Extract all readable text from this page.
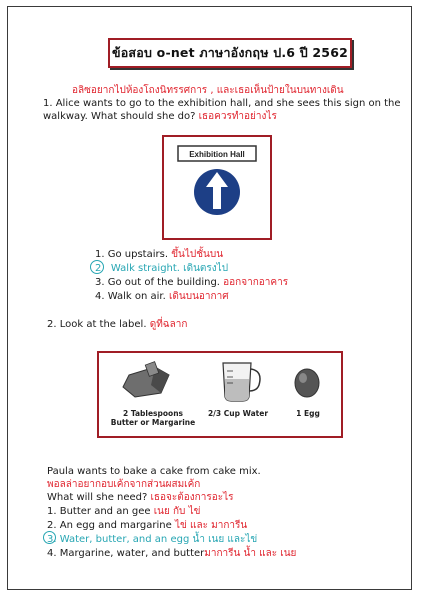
ข้อสอบ o-net ภาษาอังกฤษ ป.6 ปี 2562
อลิซอยากไปห้องโถงนิทรรศการ , และเธอเห็นป้ายในบนทางเดิน
1. Alice wants to go to the exhibition hall, and she sees this sign on the
walkway. What should she do? เธอควรทำอย่างไร
Exhibition Hall
1. Go upstairs. ขึ้นไปชั้นบน
2 Walk straight. เดินตรงไป
3. Go out of the building. ออกจากอาคาร
4. Walk on air. เดินบนอากาศ
2. Look at the label. ดูที่ฉลาก
2 Tablespoons
Butter or Margarine
2/3 Cup Water	1 Egg
Paula wants to bake a cake from cake mix.
พอลล่าอยากอบเค้กจากส่วนผสมเค้ก
What will she need? เธอจะต้องการอะไร
1. Butter and an gee เนย กับ ไข่
2. An egg and margarine ไข่ และ มาการีน
3. Water, butter, and an egg น้ำ เนย และไข่
4. Margarine, water, and butterมาการีน น้ำ และ เนย
